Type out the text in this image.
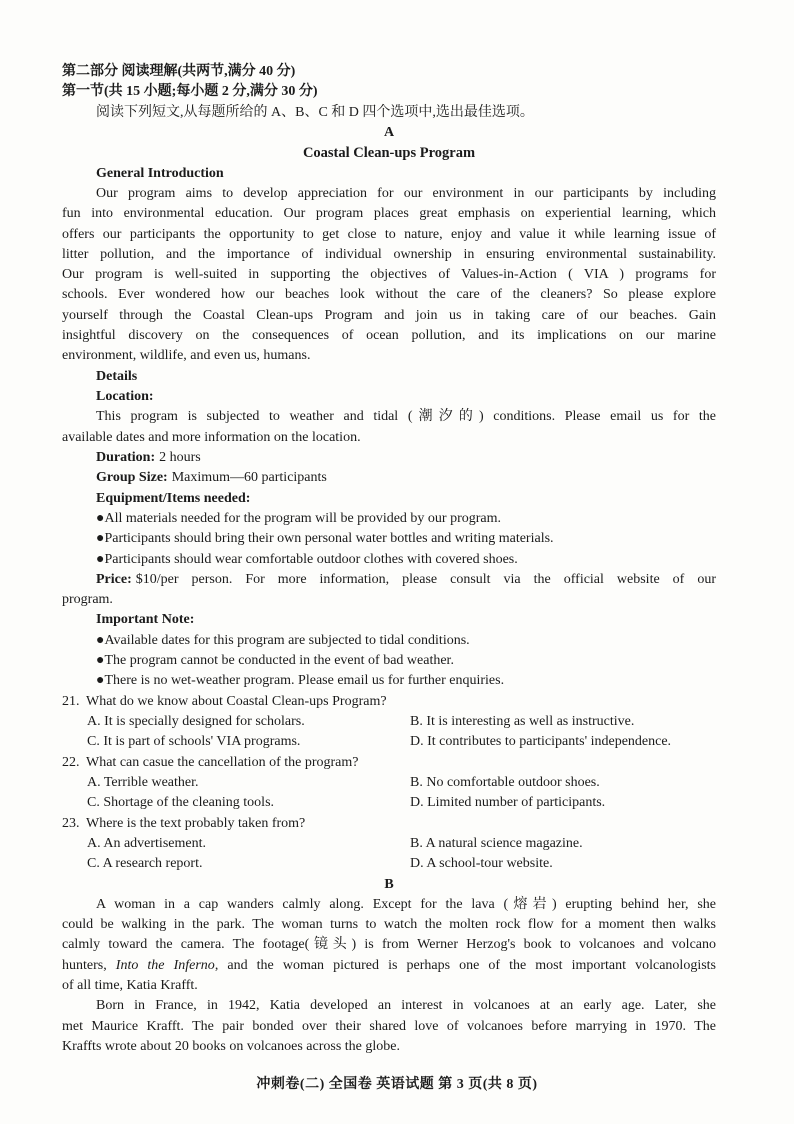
第二部分 阅读理解(共两节,满分 40 分)
第一节(共 15 小题;每小题 2 分,满分 30 分)
阅读下列短文,从每题所给的 A、B、C 和 D 四个选项中,选出最佳选项。
A
Coastal Clean-ups Program
General Introduction
Our program aims to develop appreciation for our environment in our participants by including
fun into environmental education. Our program places great emphasis on experiential learning, which
offers our participants the opportunity to get close to nature, enjoy and value it while learning issue of
litter pollution, and the importance of individual ownership in ensuring environmental sustainability.
Our program is well-suited in supporting the objectives of Values-in-Action ( VIA ) programs for
schools. Ever wondered how our beaches look without the care of the cleaners? So please explore
yourself through the Coastal Clean-ups Program and join us in taking care of our beaches. Gain
insightful discovery on the consequences of ocean pollution, and its implications on our marine
environment, wildlife, and even us, humans.
Details
Location:
This program is subjected to weather and tidal (潮汐的) conditions. Please email us for the
available dates and more information on the location.
Duration: 2 hours
Group Size: Maximum—60 participants
Equipment/Items needed:
●All materials needed for the program will be provided by our program.
●Participants should bring their own personal water bottles and writing materials.
●Participants should wear comfortable outdoor clothes with covered shoes.
Price: $10/per person. For more information, please consult via the official website of our
program.
Important Note:
●Available dates for this program are subjected to tidal conditions.
●The program cannot be conducted in the event of bad weather.
●There is no wet-weather program. Please email us for further enquiries.
21. What do we know about Coastal Clean-ups Program?
A. It is specially designed for scholars.	B. It is interesting as well as instructive.
C. It is part of schools' VIA programs.	D. It contributes to participants' independence.
22. What can casue the cancellation of the program?
A. Terrible weather.	B. No comfortable outdoor shoes.
C. Shortage of the cleaning tools.	D. Limited number of participants.
23. Where is the text probably taken from?
A. An advertisement.	B. A natural science magazine.
C. A research report.	D. A school-tour website.
B
A woman in a cap wanders calmly along. Except for the lava (熔岩) erupting behind her, she
could be walking in the park. The woman turns to watch the molten rock flow for a moment then walks
calmly toward the camera. The footage(镜头) is from Werner Herzog's book to volcanoes and volcano
hunters, Into the Inferno, and the woman pictured is perhaps one of the most important volcanologists
of all time, Katia Krafft.
Born in France, in 1942, Katia developed an interest in volcanoes at an early age. Later, she
met Maurice Krafft. The pair bonded over their shared love of volcanoes before marrying in 1970. The
Kraffts wrote about 20 books on volcanoes across the globe.
冲刺卷(二) 全国卷 英语试题 第 3 页(共 8 页)
